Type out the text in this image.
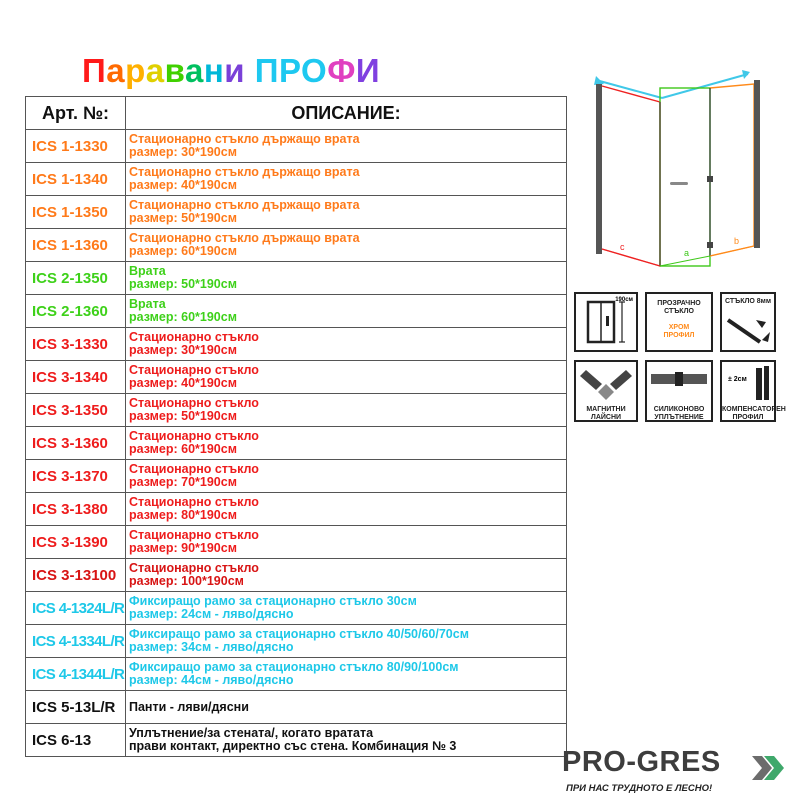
Паравани ПРОФИ
Арт. №:	ОПИСАНИЕ:
ICS 1-1330	Стационарно стъкло държащо врата
размер: 30*190см

ICS 1-1340	Стационарно стъкло държащо врата
размер: 40*190см

ICS 1-1350	Стационарно стъкло държащо врата
размер: 50*190см

ICS 1-1360	Стационарно стъкло държащо врата
размер: 60*190см

ICS 2-1350	Врата
размер: 50*190см

ICS 2-1360	Врата
размер: 60*190см

ICS 3-1330	Стационарно стъкло
размер: 30*190см

ICS 3-1340	Стационарно стъкло
размер: 40*190см

ICS 3-1350	Стационарно стъкло
размер: 50*190см

ICS 3-1360	Стационарно стъкло
размер: 60*190см

ICS 3-1370	Стационарно стъкло
размер: 70*190см

ICS 3-1380	Стационарно стъкло
размер: 80*190см

ICS 3-1390	Стационарно стъкло
размер: 90*190см

ICS 3-13100	Стационарно стъкло
размер: 100*190см

ICS 4-1324L/R	Фиксиращо рамо за стационарно стъкло 30см
размер: 24см - ляво/дясно

ICS 4-1334L/R	Фиксиращо рамо за стационарно стъкло 40/50/60/70см
размер: 34см - ляво/дясно

ICS 4-1344L/R	Фиксиращо рамо за стационарно стъкло 80/90/100см
размер: 44см - ляво/дясно

ICS 5-13L/R	Панти - ляви/дясни

ICS 6-13	Уплътнение/за стената/, когато вратата
прави контакт, директно със стена. Комбинация № 3
c
a
b
190см	ПРОЗРАЧНО СТЪКЛО
ХРОМ ПРОФИЛ
СТЪКЛО 8мм
МАГНИТНИ ЛАЙСНИ
СИЛИКОНОВО УПЛЪТНЕНИЕ
± 2см
КОМПЕНСАТОРЕН ПРОФИЛ
PRO-GRES
ПРИ НАС ТРУДНОТО Е ЛЕСНО!
